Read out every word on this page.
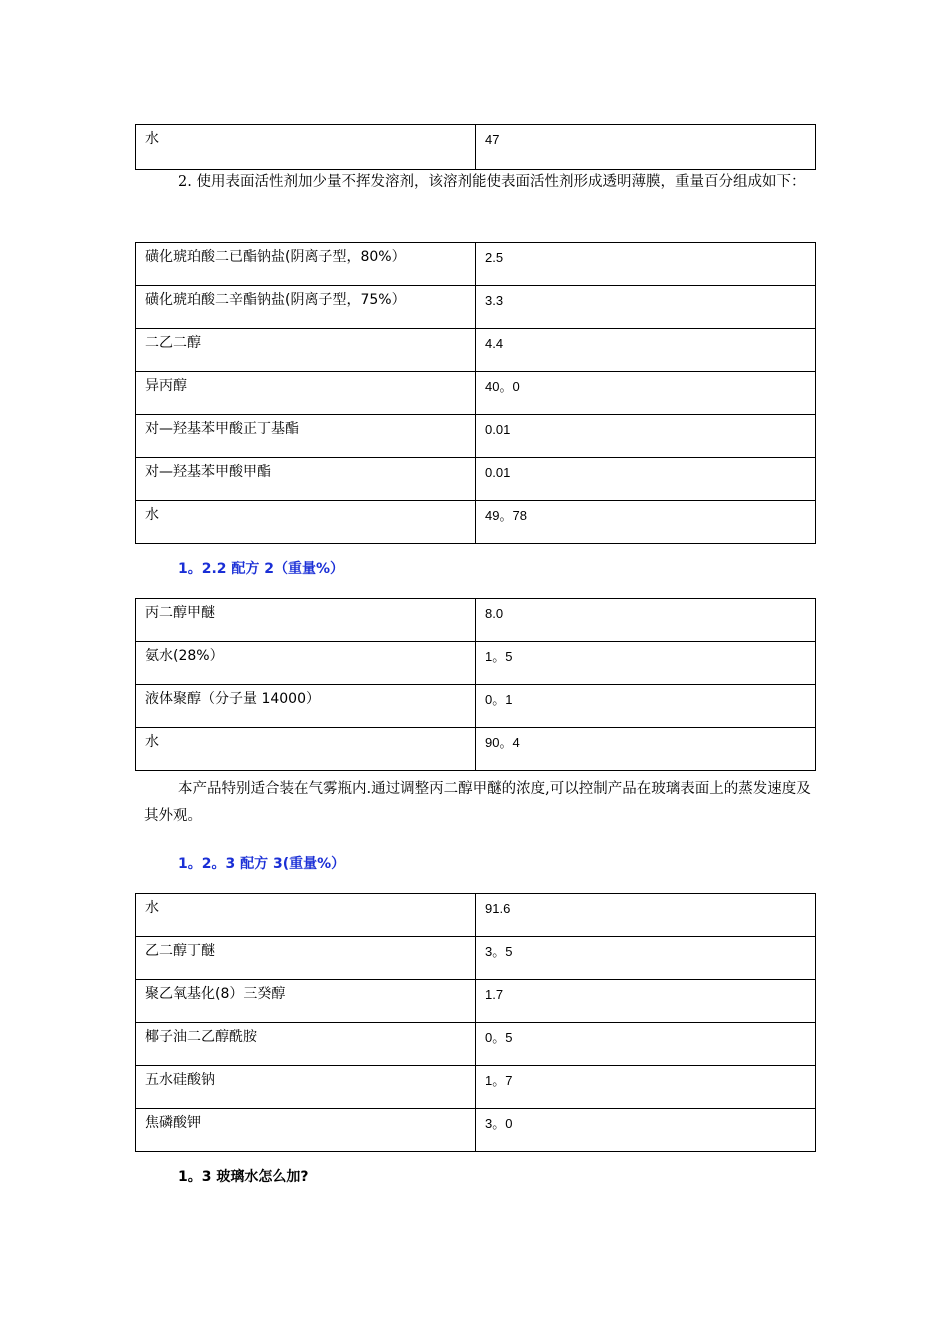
水	47

2. 使用表面活性剂加少量不挥发溶剂，该溶剂能使表面活性剂形成透明薄膜，重量百分组成如下：

磺化琥珀酸二已酯钠盐(阴离子型，80%）	2.5
磺化琥珀酸二辛酯钠盐(阴离子型，75%）	3.3
二乙二醇	4.4
异丙醇	40。0
对—羟基苯甲酸正丁基酯	0.01
对—羟基苯甲酸甲酯	0.01
水	49。78
1。2.2 配方 2（重量%）
丙二醇甲醚	8.0
氨水(28%）	1。5
液体聚醇（分子量 14000）	0。1
水	90。4

本产品特别适合装在气雾瓶内.通过调整丙二醇甲醚的浓度,可以控制产品在玻璃表面上的蒸发速度及其外观。

1。2。3 配方 3(重量%）
水	91.6
乙二醇丁醚	3。5
聚乙氧基化(8）三癸醇	1.7
椰子油二乙醇酰胺	0。5
五水硅酸钠	1。7
焦磷酸钾	3。0
1。3 玻璃水怎么加?
